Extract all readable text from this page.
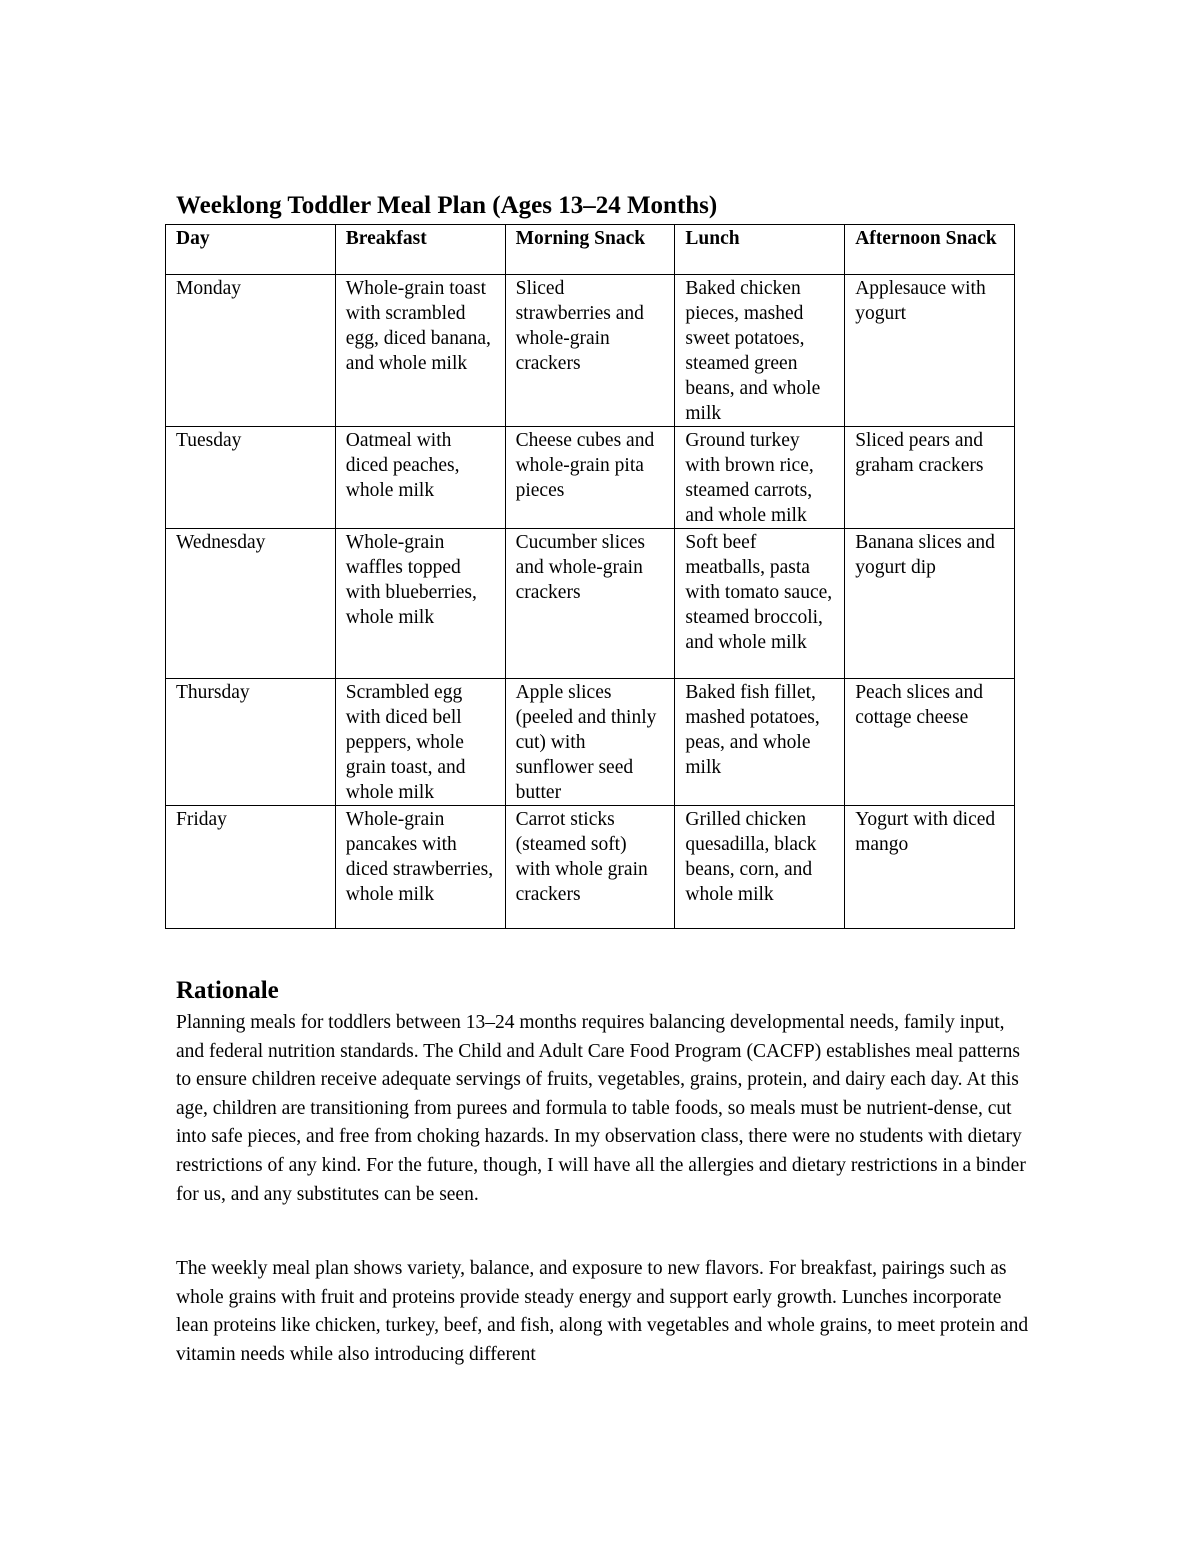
Weeklong Toddler Meal Plan (Ages 13–24 Months)
Day	Breakfast	Morning Snack	Lunch	Afternoon Snack
Monday	Whole-grain toast with scrambled egg, diced banana, and whole milk	Sliced strawberries and whole-grain crackers	Baked chicken pieces, mashed sweet potatoes, steamed green beans, and whole milk	Applesauce with yogurt
Tuesday	Oatmeal with diced peaches, whole milk	Cheese cubes and whole-grain pita pieces	Ground turkey with brown rice, steamed carrots, and whole milk	Sliced pears and graham crackers
Wednesday	Whole-grain waffles topped with blueberries, whole milk	Cucumber slices and whole-grain crackers	Soft beef meatballs, pasta with tomato sauce, steamed broccoli, and whole milk	Banana slices and yogurt dip
Thursday	Scrambled egg with diced bell peppers, whole grain toast, and whole milk	Apple slices (peeled and thinly cut) with sunflower seed butter	Baked fish fillet, mashed potatoes, peas, and whole milk	Peach slices and cottage cheese
Friday	Whole-grain pancakes with diced strawberries, whole milk	Carrot sticks (steamed soft) with whole grain crackers	Grilled chicken quesadilla, black beans, corn, and whole milk	Yogurt with diced mango
Rationale

Planning meals for toddlers between 13–24 months requires balancing developmental needs, family input, and federal nutrition standards. The Child and Adult Care Food Program (CACFP) establishes meal patterns to ensure children receive adequate servings of fruits, vegetables, grains, protein, and dairy each day. At this age, children are transitioning from purees and formula to table foods, so meals must be nutrient-dense, cut into safe pieces, and free from choking hazards. In my observation class, there were no students with dietary restrictions of any kind. For the future, though, I will have all the allergies and dietary restrictions in a binder for us, and any substitutes can be seen.

The weekly meal plan shows variety, balance, and exposure to new flavors. For breakfast, pairings such as whole grains with fruit and proteins provide steady energy and support early growth. Lunches incorporate lean proteins like chicken, turkey, beef, and fish, along with vegetables and whole grains, to meet protein and vitamin needs while also introducing different
